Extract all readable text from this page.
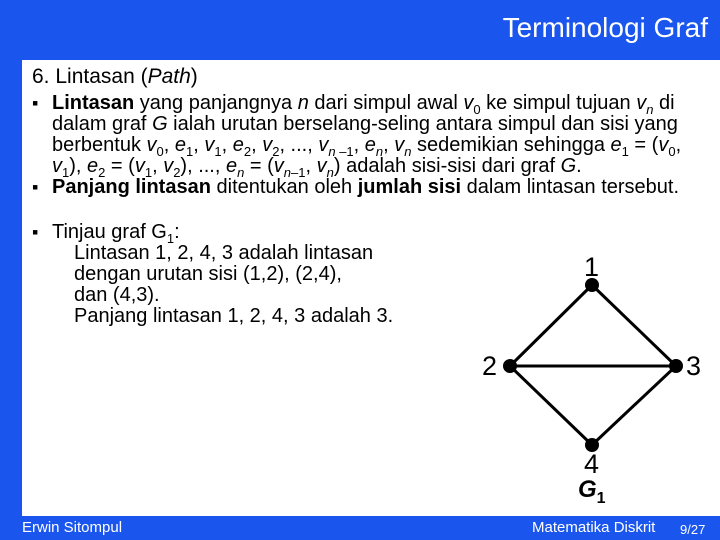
Terminologi Graf
6. Lintasan (Path)
▪ Lintasan yang panjangnya n dari simpul awal $v_0$ ke simpul tujuan $v_n$ di dalam graf G ialah urutan berselang-seling antara simpul dan sisi yang berbentuk $v_0$, $e_1$, $v_1$, $e_2$, $v_2$, ..., $v_{n -1}$, $e_n$, $v_n$ sedemikian sehingga $e_1 = (v_0$, $v_1$), $e_2 = (v_1$, $v_2$), ..., $e_n = (v_{n-1}$, $v_n$) adalah sisi-sisi dari graf G.
▪ Panjang lintasan ditentukan oleh jumlah sisi dalam lintasan tersebut.
▪ Tinjau graf $G_1$:
Lintasan 1, 2, 4, 3 adalah lintasan
dengan urutan sisi (1,2), (2,4),
dan (4,3).
Panjang lintasan 1, 2, 4, 3 adalah 3.
1
2	3
4
$G_1$
Erwin Sitompul	Matematika Diskrit 9/27
